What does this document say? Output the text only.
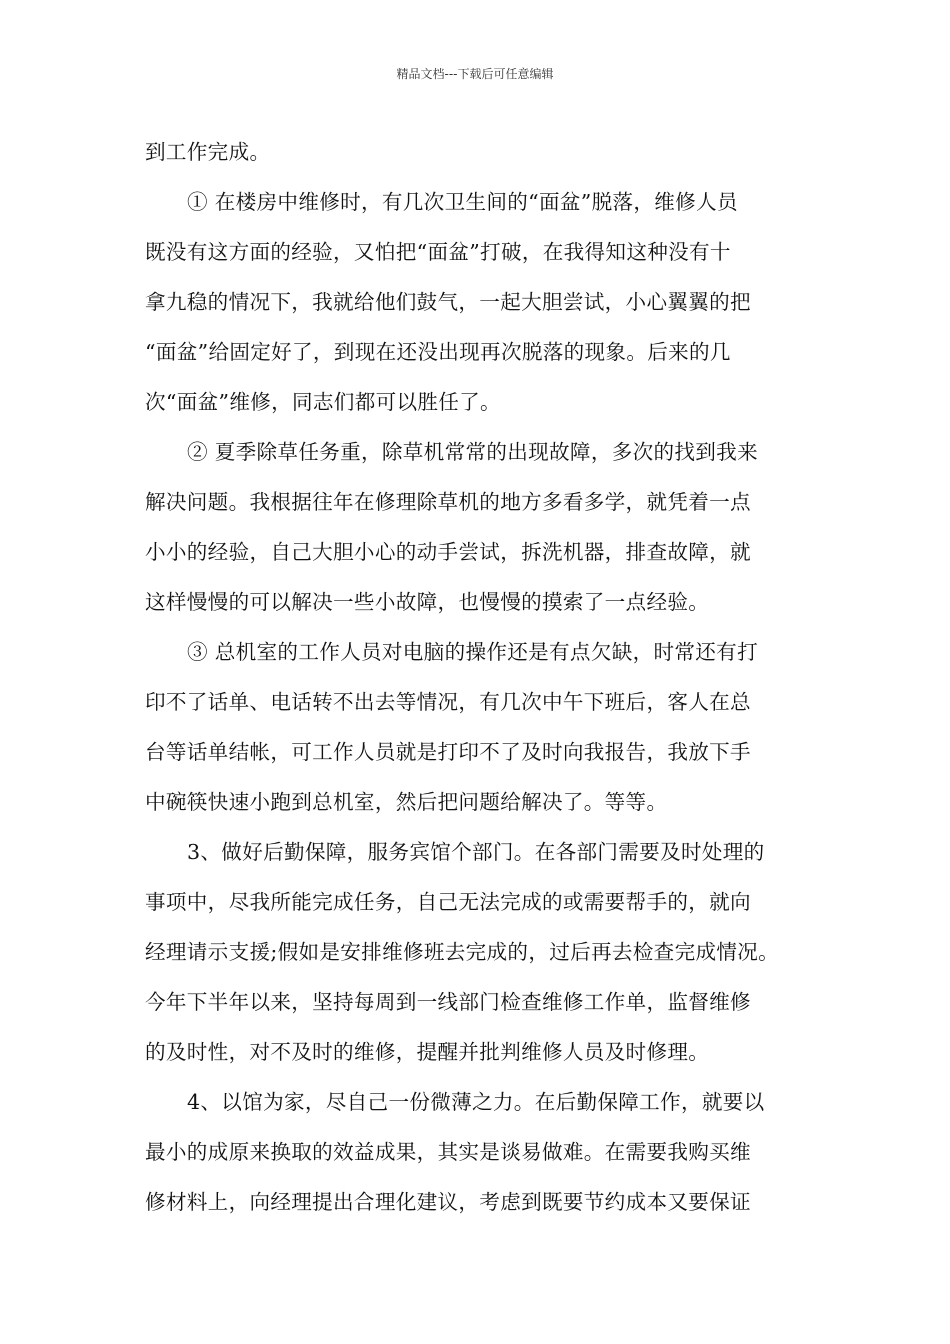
精品文档---下载后可任意编辑
到工作完成。
① 在楼房中维修时，有几次卫生间的“面盆”脱落，维修人员
既没有这方面的经验，又怕把“面盆”打破，在我得知这种没有十
拿九稳的情况下，我就给他们鼓气，一起大胆尝试，小心翼翼的把
“面盆”给固定好了，到现在还没出现再次脱落的现象。后来的几
次“面盆”维修，同志们都可以胜任了。
② 夏季除草任务重，除草机常常的出现故障，多次的找到我来
解决问题。我根据往年在修理除草机的地方多看多学，就凭着一点
小小的经验，自己大胆小心的动手尝试，拆洗机器，排查故障，就
这样慢慢的可以解决一些小故障，也慢慢的摸索了一点经验。
③ 总机室的工作人员对电脑的操作还是有点欠缺，时常还有打
印不了话单、电话转不出去等情况，有几次中午下班后，客人在总
台等话单结帐，可工作人员就是打印不了及时向我报告，我放下手
中碗筷快速小跑到总机室，然后把问题给解决了。等等。
3、做好后勤保障，服务宾馆个部门。在各部门需要及时处理的
事项中，尽我所能完成任务，自己无法完成的或需要帮手的，就向
经理请示支援;假如是安排维修班去完成的，过后再去检查完成情况。
今年下半年以来，坚持每周到一线部门检查维修工作单，监督维修
的及时性，对不及时的维修，提醒并批判维修人员及时修理。
4、以馆为家，尽自己一份微薄之力。在后勤保障工作，就要以
最小的成原来换取的效益成果，其实是谈易做难。在需要我购买维
修材料上，向经理提出合理化建议，考虑到既要节约成本又要保证
